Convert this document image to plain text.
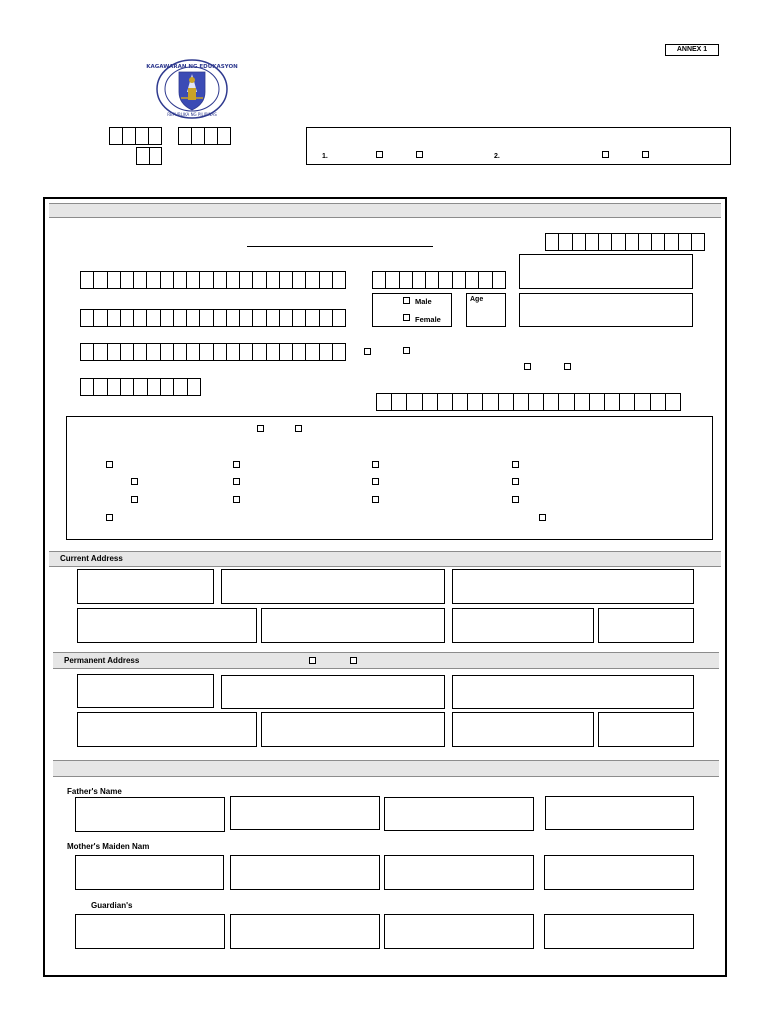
ANNEX 1
KAGAWARAN NG EDUKASYON
REPUBLIKA NG PILIPINAS
1.	2.
Male
Female
Age
Current Address
Permanent Address
Father's Name
Mother's Maiden Nam
Guardian's
